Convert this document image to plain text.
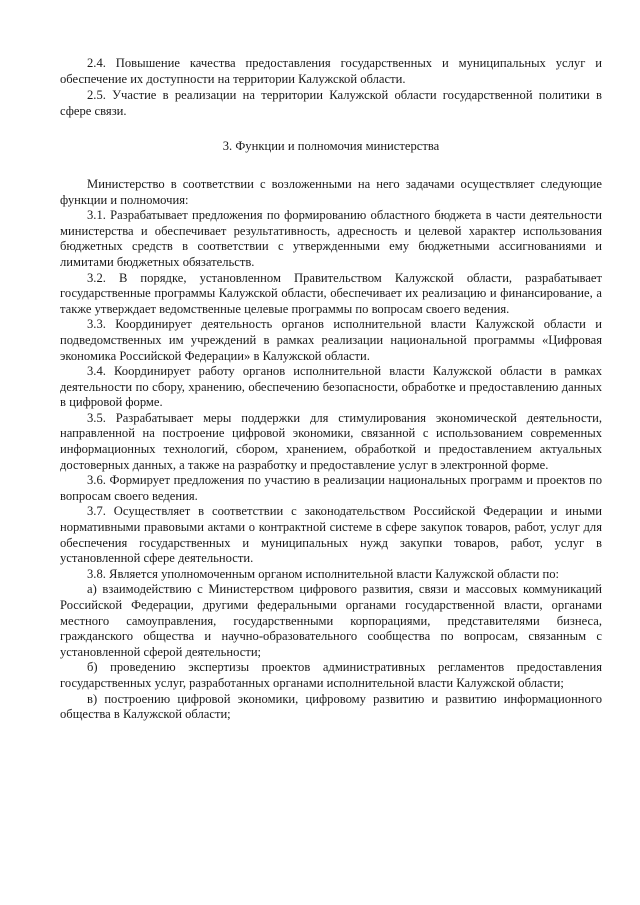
2.4. Повышение качества предоставления государственных и муниципальных услуг и обеспечение их доступности на территории Калужской области.

2.5. Участие в реализации на территории Калужской области государственной политики в сфере связи.

3. Функции и полномочия министерства

Министерство в соответствии с возложенными на него задачами осуществляет следующие функции и полномочия:

3.1. Разрабатывает предложения по формированию областного бюджета в части деятельности министерства и обеспечивает результативность, адресность и целевой характер использования бюджетных средств в соответствии с утвержденными ему бюджетными ассигнованиями и лимитами бюджетных обязательств.

3.2. В порядке, установленном Правительством Калужской области, разрабатывает государственные программы Калужской области, обеспечивает их реализацию и финансирование, а также утверждает ведомственные целевые программы по вопросам своего ведения.

3.3. Координирует деятельность органов исполнительной власти Калужской области и подведомственных им учреждений в рамках реализации национальной программы «Цифровая экономика Российской Федерации» в Калужской области.

3.4. Координирует работу органов исполнительной власти Калужской области в рамках деятельности по сбору, хранению, обеспечению безопасности, обработке и предоставлению данных в цифровой форме.

3.5. Разрабатывает меры поддержки для стимулирования экономической деятельности, направленной на построение цифровой экономики, связанной с использованием современных информационных технологий, сбором, хранением, обработкой и предоставлением актуальных достоверных данных, а также на разработку и предоставление услуг в электронной форме.

3.6. Формирует предложения по участию в реализации национальных программ и проектов по вопросам своего ведения.

3.7. Осуществляет в соответствии с законодательством Российской Федерации и иными нормативными правовыми актами о контрактной системе в сфере закупок товаров, работ, услуг для обеспечения государственных и муниципальных нужд закупки товаров, работ, услуг в установленной сфере деятельности.

3.8. Является уполномоченным органом исполнительной власти Калужской области по:

а) взаимодействию с Министерством цифрового развития, связи и массовых коммуникаций Российской Федерации, другими федеральными органами государственной власти, органами местного самоуправления, государственными корпорациями, представителями бизнеса, гражданского общества и научно-образовательного сообщества по вопросам, связанным с установленной сферой деятельности;

б) проведению экспертизы проектов административных регламентов предоставления государственных услуг, разработанных органами исполнительной власти Калужской области;

в) построению цифровой экономики, цифровому развитию и развитию информационного общества в Калужской области;
